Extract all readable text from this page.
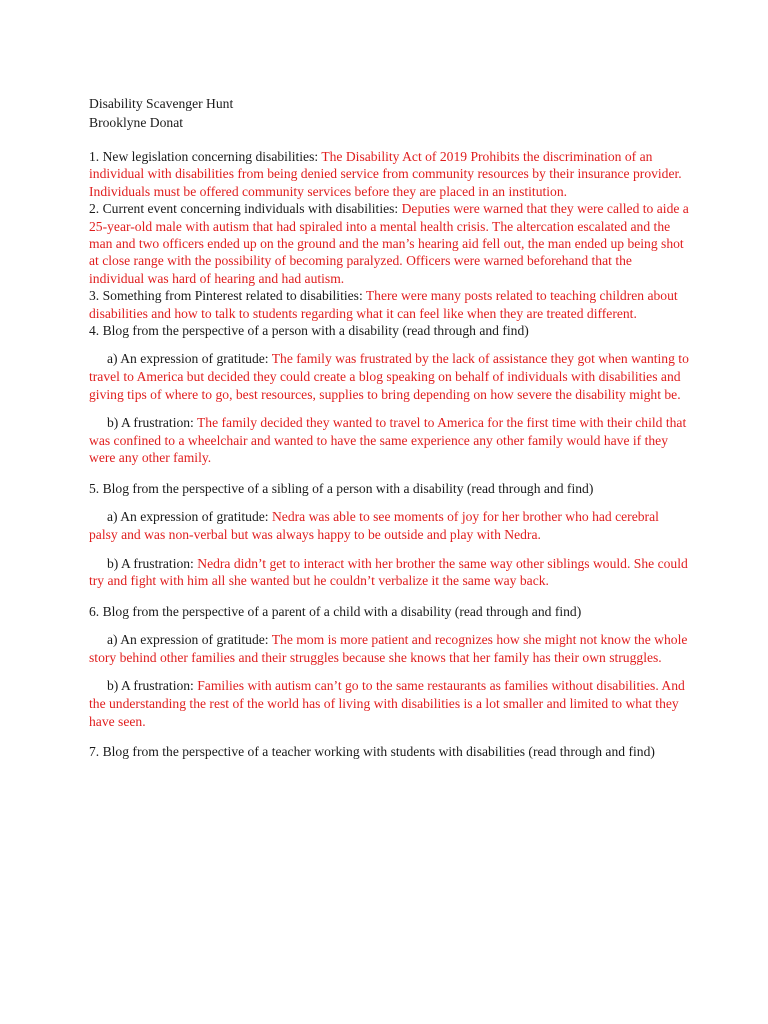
Disability Scavenger Hunt

Brooklyne Donat

1. New legislation concerning disabilities: The Disability Act of 2019 Prohibits the discrimination of an individual with disabilities from being denied service from community resources by their insurance provider. Individuals must be offered community services before they are placed in an institution.

2. Current event concerning individuals with disabilities: Deputies were warned that they were called to aide a 25-year-old male with autism that had spiraled into a mental health crisis. The altercation escalated and the man and two officers ended up on the ground and the man’s hearing aid fell out, the man ended up being shot at close range with the possibility of becoming paralyzed. Officers were warned beforehand that the individual was hard of hearing and had autism.

3. Something from Pinterest related to disabilities: There were many posts related to teaching children about disabilities and how to talk to students regarding what it can feel like when they are treated different.

4. Blog from the perspective of a person with a disability (read through and find)

a) An expression of gratitude: The family was frustrated by the lack of assistance they got when wanting to travel to America but decided they could create a blog speaking on behalf of individuals with disabilities and giving tips of where to go, best resources, supplies to bring depending on how severe the disability might be.

b) A frustration: The family decided they wanted to travel to America for the first time with their child that was confined to a wheelchair and wanted to have the same experience any other family would have if they were any other family.

5. Blog from the perspective of a sibling of a person with a disability (read through and find)

a) An expression of gratitude: Nedra was able to see moments of joy for her brother who had cerebral palsy and was non-verbal but was always happy to be outside and play with Nedra.

b) A frustration: Nedra didn’t get to interact with her brother the same way other siblings would. She could try and fight with him all she wanted but he couldn’t verbalize it the same way back.

6. Blog from the perspective of a parent of a child with a disability (read through and find)

a) An expression of gratitude: The mom is more patient and recognizes how she might not know the whole story behind other families and their struggles because she knows that her family has their own struggles.

b) A frustration: Families with autism can’t go to the same restaurants as families without disabilities. And the understanding the rest of the world has of living with disabilities is a lot smaller and limited to what they have seen.

7. Blog from the perspective of a teacher working with students with disabilities (read through and find)
